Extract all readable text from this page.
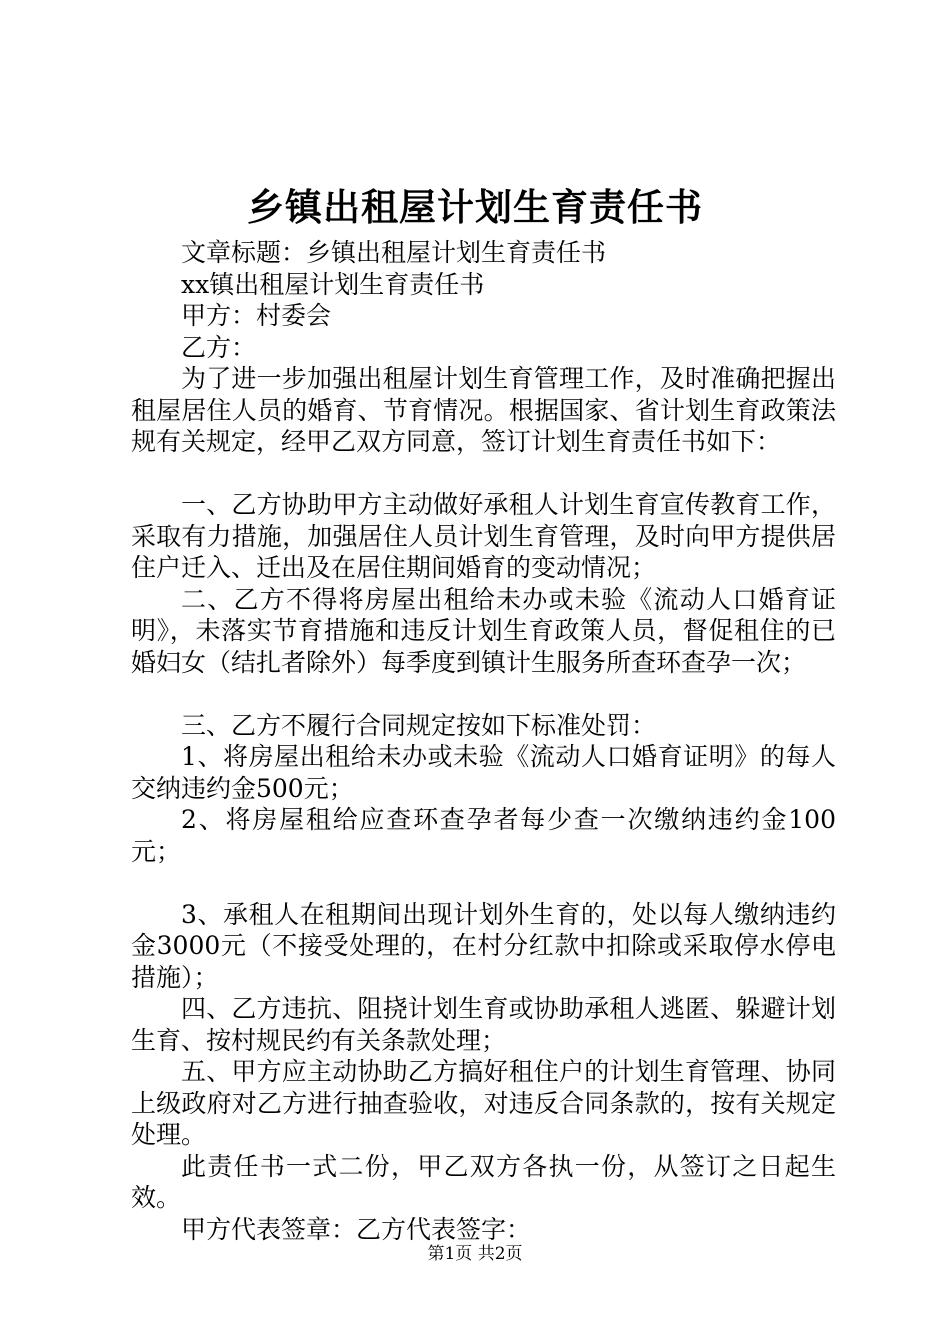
乡镇出租屋计划生育责任书

文章标题：乡镇出租屋计划生育责任书

xx镇出租屋计划生育责任书

甲方：村委会

乙方：

为了进一步加强出租屋计划生育管理工作，及时准确把握出租屋居住人员的婚育、节育情况。根据国家、省计划生育政策法规有关规定，经甲乙双方同意，签订计划生育责任书如下：

一、乙方协助甲方主动做好承租人计划生育宣传教育工作，采取有力措施，加强居住人员计划生育管理，及时向甲方提供居住户迁入、迁出及在居住期间婚育的变动情况；

二、乙方不得将房屋出租给未办或未验《流动人口婚育证明》，未落实节育措施和违反计划生育政策人员，督促租住的已婚妇女（结扎者除外）每季度到镇计生服务所查环查孕一次；

三、乙方不履行合同规定按如下标准处罚：

1、将房屋出租给未办或未验《流动人口婚育证明》的每人交纳违约金500元；

2、将房屋租给应查环查孕者每少查一次缴纳违约金100元；

3、承租人在租期间出现计划外生育的，处以每人缴纳违约金3000元（不接受处理的，在村分红款中扣除或采取停水停电措施）；

四、乙方违抗、阻挠计划生育或协助承租人逃匿、躲避计划生育、按村规民约有关条款处理；

五、甲方应主动协助乙方搞好租住户的计划生育管理、协同上级政府对乙方进行抽查验收，对违反合同条款的，按有关规定处理。

此责任书一式二份，甲乙双方各执一份，从签订之日起生效。

甲方代表签章：乙方代表签字：

第1页 共2页
